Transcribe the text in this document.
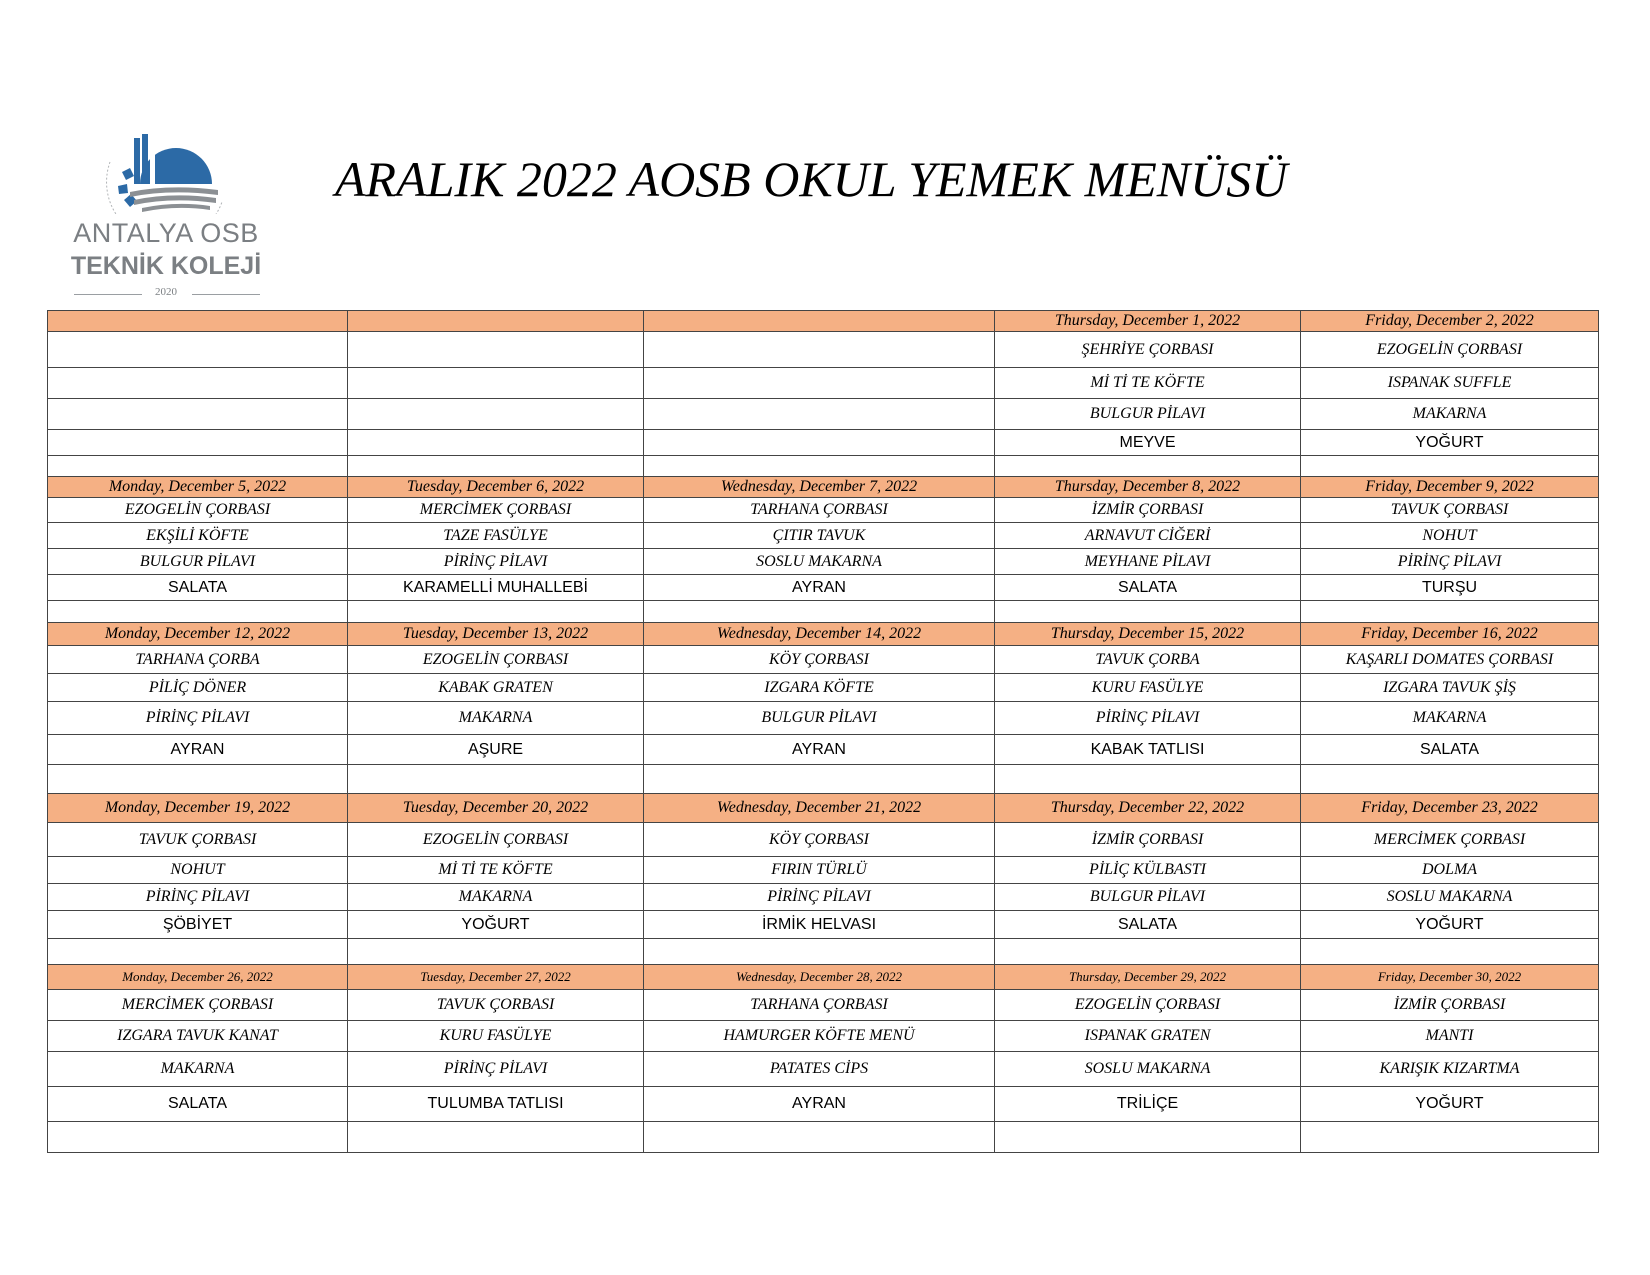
ANTALYA OSB
TEKNİK KOLEJİ
2020
ARALIK 2022 AOSB OKUL YEMEK MENÜSÜ
			Thursday, December 1, 2022	Friday, December 2, 2022
			ŞEHRİYE ÇORBASI	EZOGELİN ÇORBASI
			Mİ Tİ TE KÖFTE	ISPANAK SUFFLE
			BULGUR PİLAVI	MAKARNA
			MEYVE	YOĞURT

Monday, December 5, 2022	Tuesday, December 6, 2022	Wednesday, December 7, 2022	Thursday, December 8, 2022	Friday, December 9, 2022
EZOGELİN ÇORBASI	MERCİMEK ÇORBASI	TARHANA ÇORBASI	İZMİR ÇORBASI	TAVUK ÇORBASI
EKŞİLİ KÖFTE	TAZE FASÜLYE	ÇITIR TAVUK	ARNAVUT CİĞERİ	NOHUT
BULGUR PİLAVI	PİRİNÇ PİLAVI	SOSLU MAKARNA	MEYHANE PİLAVI	PİRİNÇ PİLAVI
SALATA	KARAMELLİ MUHALLEBİ	AYRAN	SALATA	TURŞU

Monday, December 12, 2022	Tuesday, December 13, 2022	Wednesday, December 14, 2022	Thursday, December 15, 2022	Friday, December 16, 2022
TARHANA ÇORBA	EZOGELİN ÇORBASI	KÖY ÇORBASI	TAVUK ÇORBA	KAŞARLI DOMATES ÇORBASI
PİLİÇ DÖNER	KABAK GRATEN	IZGARA KÖFTE	KURU FASÜLYE	IZGARA TAVUK ŞİŞ
PİRİNÇ PİLAVI	MAKARNA	BULGUR PİLAVI	PİRİNÇ PİLAVI	MAKARNA
AYRAN	AŞURE	AYRAN	KABAK TATLISI	SALATA

Monday, December 19, 2022	Tuesday, December 20, 2022	Wednesday, December 21, 2022	Thursday, December 22, 2022	Friday, December 23, 2022
TAVUK ÇORBASI	EZOGELİN ÇORBASI	KÖY ÇORBASI	İZMİR ÇORBASI	MERCİMEK ÇORBASI
NOHUT	Mİ Tİ TE KÖFTE	FIRIN TÜRLÜ	PİLİÇ KÜLBASTI	DOLMA
PİRİNÇ PİLAVI	MAKARNA	PİRİNÇ PİLAVI	BULGUR PİLAVI	SOSLU MAKARNA
ŞÖBİYET	YOĞURT	İRMİK HELVASI	SALATA	YOĞURT

Monday, December 26, 2022	Tuesday, December 27, 2022	Wednesday, December 28, 2022	Thursday, December 29, 2022	Friday, December 30, 2022
MERCİMEK ÇORBASI	TAVUK ÇORBASI	TARHANA ÇORBASI	EZOGELİN ÇORBASI	İZMİR ÇORBASI
IZGARA TAVUK KANAT	KURU FASÜLYE	HAMURGER KÖFTE MENÜ	ISPANAK GRATEN	MANTI
MAKARNA	PİRİNÇ PİLAVI	PATATES CİPS	SOSLU MAKARNA	KARIŞIK KIZARTMA
SALATA	TULUMBA TATLISI	AYRAN	TRİLİÇE	YOĞURT
